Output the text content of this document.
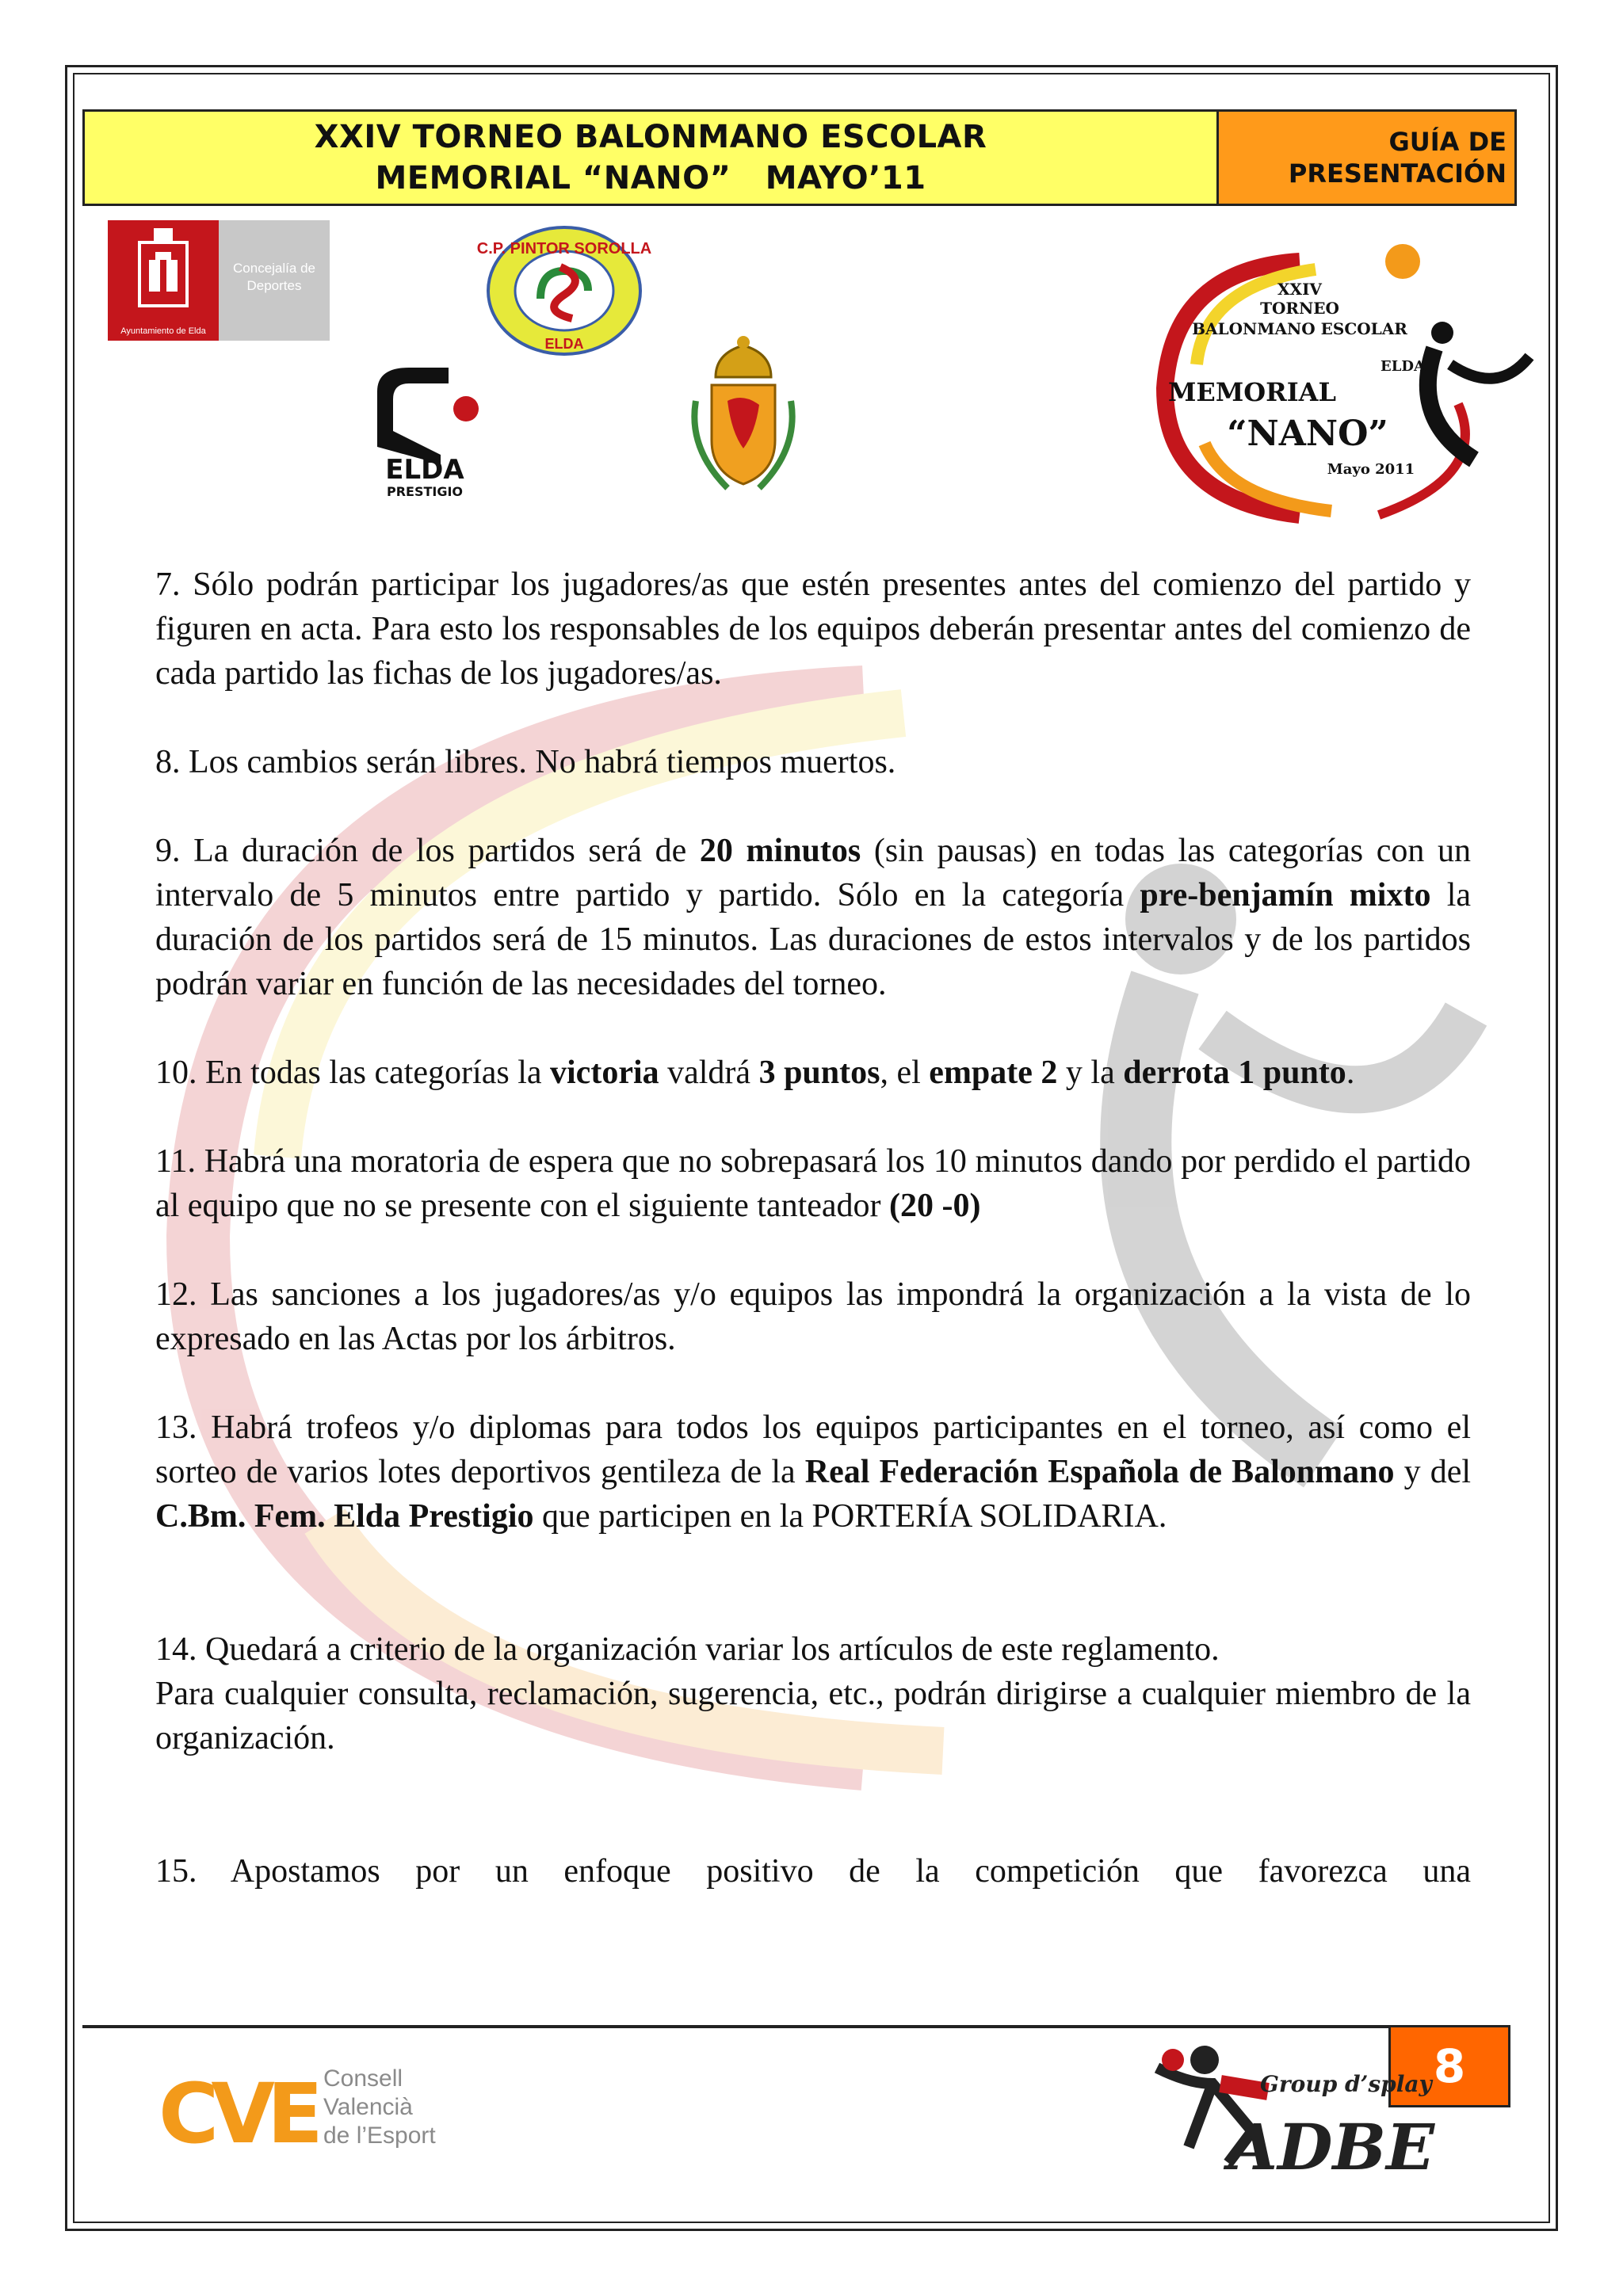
XXIV TORNEO BALONMANO ESCOLAR
MEMORIAL “NANO”   MAYO’11
GUÍA DE
PRESENTACIÓN
Ayuntamiento de Elda
Concejalía de
Deportes
C.P. PINTOR SOROLLA
ELDA
ELDA
PRESTIGIO
XXIV
TORNEO
BALONMANO ESCOLAR
ELDA
MEMORIAL
“NANO”
Mayo 2011

7. Sólo podrán participar los jugadores/as que estén presentes antes del comienzo del partido y figuren en acta. Para esto los responsables de los equipos deberán presentar antes del comienzo de cada partido las fichas de los jugadores/as.

8. Los cambios serán libres. No habrá tiempos muertos.

9. La duración de los partidos será de 20 minutos (sin pausas) en todas las categorías con un intervalo de 5 minutos entre partido y partido. Sólo en la categoría pre-benjamín mixto la duración de los partidos será de 15 minutos. Las duraciones de estos intervalos y de los partidos podrán variar en función de las necesidades del torneo.

10. En todas las categorías la victoria valdrá 3 puntos, el empate 2 y la derrota 1 punto.

11. Habrá una moratoria de espera que no sobrepasará los 10 minutos dando por perdido el partido al equipo que no se presente con el siguiente tanteador (20 -0)

12. Las sanciones a los jugadores/as y/o equipos las impondrá la organización a la vista de lo expresado en las Actas por los árbitros.

13. Habrá trofeos y/o diplomas para todos los equipos participantes en el torneo, así como el sorteo de varios lotes deportivos gentileza de la Real Federación Española de Balonmano y del C.Bm. Fem. Elda Prestigio que participen en la PORTERÍA SOLIDARIA.

14. Quedará a criterio de la organización variar los artículos de este reglamento.

Para cualquier consulta, reclamación, sugerencia, etc., podrán dirigirse a cualquier miembro de la organización.

15. Apostamos por un enfoque positivo de la competición que favorezca una

8
CVE Consell
Valencià
de l’Esport
Group d’splay
ADBE
